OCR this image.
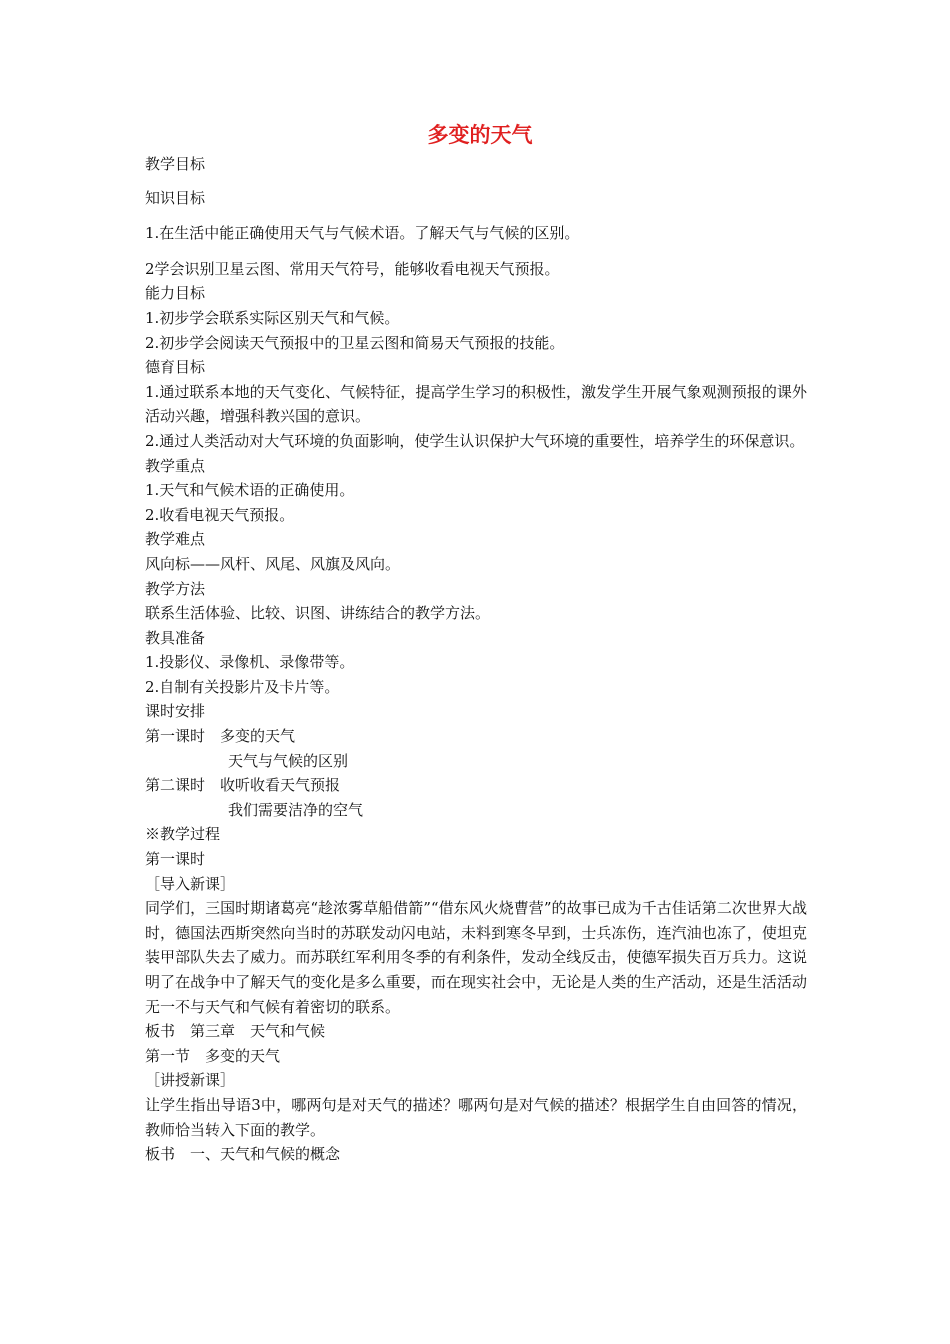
多变的天气
教学目标
知识目标
1.在生活中能正确使用天气与气候术语。了解天气与气候的区别。
2学会识别卫星云图、常用天气符号，能够收看电视天气预报。
能力目标
1.初步学会联系实际区别天气和气候。
2.初步学会阅读天气预报中的卫星云图和简易天气预报的技能。
德育目标
1.通过联系本地的天气变化、气候特征，提高学生学习的积极性，激发学生开展气象观测预报的课外活动兴趣，增强科教兴国的意识。
2.通过人类活动对大气环境的负面影响，使学生认识保护大气环境的重要性，培养学生的环保意识。
教学重点
1.天气和气候术语的正确使用。
2.收看电视天气预报。
教学难点
风向标——风杆、风尾、风旗及风向。
教学方法
联系生活体验、比较、识图、讲练结合的教学方法。
教具准备
1.投影仪、录像机、录像带等。
2.自制有关投影片及卡片等。
课时安排
第一课时　多变的天气
天气与气候的区别
第二课时　收听收看天气预报
我们需要洁净的空气
※教学过程
第一课时
［导入新课］
同学们，三国时期诸葛亮“趁浓雾草船借箭”“借东风火烧曹营”的故事已成为千古佳话第二次世界大战时，德国法西斯突然向当时的苏联发动闪电站，未料到寒冬早到，士兵冻伤，连汽油也冻了，使坦克装甲部队失去了威力。而苏联红军利用冬季的有利条件，发动全线反击，使德军损失百万兵力。这说明了在战争中了解天气的变化是多么重要，而在现实社会中，无论是人类的生产活动，还是生活活动无一不与天气和气候有着密切的联系。
板书　第三章　天气和气候
第一节　多变的天气
［讲授新课］
让学生指出导语3中，哪两句是对天气的描述？哪两句是对气候的描述？根据学生自由回答的情况，教师恰当转入下面的教学。
板书　一、天气和气候的概念
